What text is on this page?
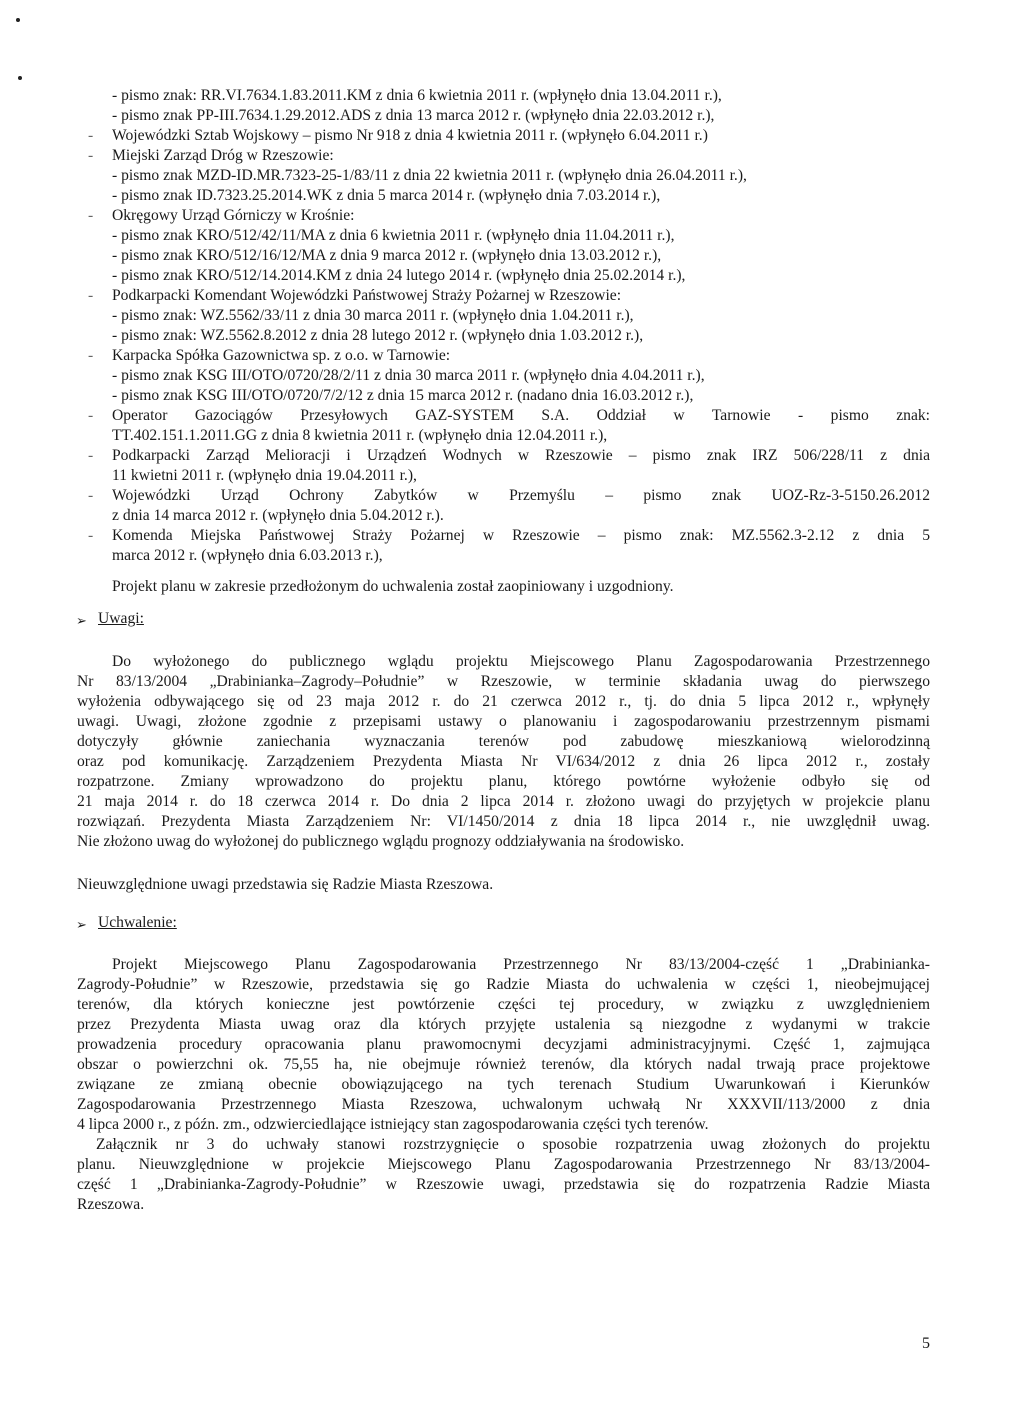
- pismo znak: RR.VI.7634.1.83.2011.KM z dnia 6 kwietnia 2011 r. (wpłynęło dnia 13.04.2011 r.),
- pismo znak PP-III.7634.1.29.2012.ADS z dnia 13 marca 2012 r. (wpłynęło dnia 22.03.2012 r.),
- Wojewódzki Sztab Wojskowy – pismo Nr 918 z dnia 4 kwietnia 2011 r. (wpłynęło 6.04.2011 r.)
- Miejski Zarząd Dróg w Rzeszowie:
- pismo znak MZD-ID.MR.7323-25-1/83/11 z dnia 22 kwietnia 2011 r. (wpłynęło dnia 26.04.2011 r.),
- pismo znak ID.7323.25.2014.WK z dnia 5 marca 2014 r. (wpłynęło dnia 7.03.2014 r.),
- Okręgowy Urząd Górniczy w Krośnie:
- pismo znak KRO/512/42/11/MA z dnia 6 kwietnia 2011 r. (wpłynęło dnia 11.04.2011 r.),
- pismo znak KRO/512/16/12/MA z dnia 9 marca 2012 r. (wpłynęło dnia 13.03.2012 r.),
- pismo znak KRO/512/14.2014.KM z dnia 24 lutego 2014 r. (wpłynęło dnia 25.02.2014 r.),
- Podkarpacki Komendant Wojewódzki Państwowej Straży Pożarnej w Rzeszowie:
- pismo znak: WZ.5562/33/11 z dnia 30 marca 2011 r. (wpłynęło dnia 1.04.2011 r.),
- pismo znak: WZ.5562.8.2012 z dnia 28 lutego 2012 r. (wpłynęło dnia 1.03.2012 r.),
- Karpacka Spółka Gazownictwa sp. z o.o. w Tarnowie:
- pismo znak KSG III/OTO/0720/28/2/11 z dnia 30 marca 2011 r. (wpłynęło dnia 4.04.2011 r.),
- pismo znak KSG III/OTO/0720/7/2/12 z dnia 15 marca 2012 r. (nadano dnia 16.03.2012 r.),
- Operator Gazociągów Przesyłowych GAZ-SYSTEM S.A. Oddział w Tarnowie - pismo znak:
TT.402.151.1.2011.GG z dnia 8 kwietnia 2011 r. (wpłynęło dnia 12.04.2011 r.),
- Podkarpacki Zarząd Melioracji i Urządzeń Wodnych w Rzeszowie – pismo znak IRZ 506/228/11 z dnia
11 kwietni 2011 r. (wpłynęło dnia 19.04.2011 r.),
- Wojewódzki Urząd Ochrony Zabytków w Przemyślu – pismo znak UOZ-Rz-3-5150.26.2012
z dnia 14 marca 2012 r. (wpłynęło dnia 5.04.2012 r.).
- Komenda Miejska Państwowej Straży Pożarnej w Rzeszowie – pismo znak: MZ.5562.3-2.12 z dnia 5
marca 2012 r. (wpłynęło dnia 6.03.2013 r.),
Projekt planu w zakresie przedłożonym do uchwalenia został zaopiniowany i uzgodniony.
➢ Uwagi:
Do wyłożonego do publicznego wglądu projektu Miejscowego Planu Zagospodarowania Przestrzennego
Nr 83/13/2004 „Drabinianka–Zagrody–Południe” w Rzeszowie, w terminie składania uwag do pierwszego
wyłożenia odbywającego się od 23 maja 2012 r. do 21 czerwca 2012 r., tj. do dnia 5 lipca 2012 r., wpłynęły
uwagi. Uwagi, złożone zgodnie z przepisami ustawy o planowaniu i zagospodarowaniu przestrzennym pismami
dotyczyły głównie zaniechania wyznaczania terenów pod zabudowę mieszkaniową wielorodzinną
oraz pod komunikację. Zarządzeniem Prezydenta Miasta Nr VI/634/2012 z dnia 26 lipca 2012 r., zostały
rozpatrzone. Zmiany wprowadzono do projektu planu, którego powtórne wyłożenie odbyło się od
21 maja 2014 r. do 18 czerwca 2014 r. Do dnia 2 lipca 2014 r. złożono uwagi do przyjętych w projekcie planu
rozwiązań. Prezydenta Miasta Zarządzeniem Nr: VI/1450/2014 z dnia 18 lipca 2014 r., nie uwzględnił uwag.
Nie złożono uwag do wyłożonej do publicznego wglądu prognozy oddziaływania na środowisko.
Nieuwzględnione uwagi przedstawia się Radzie Miasta Rzeszowa.
➢ Uchwalenie:
Projekt Miejscowego Planu Zagospodarowania Przestrzennego Nr 83/13/2004-część 1 „Drabinianka-
Zagrody-Południe” w Rzeszowie, przedstawia się go Radzie Miasta do uchwalenia w części 1, nieobejmującej
terenów, dla których konieczne jest powtórzenie części tej procedury, w związku z uwzględnieniem
przez Prezydenta Miasta uwag oraz dla których przyjęte ustalenia są niezgodne z wydanymi w trakcie
prowadzenia procedury opracowania planu prawomocnymi decyzjami administracyjnymi. Część 1, zajmująca
obszar o powierzchni ok. 75,55 ha, nie obejmuje również terenów, dla których nadal trwają prace projektowe
związane ze zmianą obecnie obowiązującego na tych terenach Studium Uwarunkowań i Kierunków
Zagospodarowania Przestrzennego Miasta Rzeszowa, uchwalonym uchwałą Nr XXXVII/113/2000 z dnia
4 lipca 2000 r., z późn. zm., odzwierciedlające istniejący stan zagospodarowania części tych terenów.
Załącznik nr 3 do uchwały stanowi rozstrzygnięcie o sposobie rozpatrzenia uwag złożonych do projektu
planu. Nieuwzględnione w projekcie Miejscowego Planu Zagospodarowania Przestrzennego Nr 83/13/2004-
część 1 „Drabinianka-Zagrody-Południe” w Rzeszowie uwagi, przedstawia się do rozpatrzenia Radzie Miasta
Rzeszowa.
5
